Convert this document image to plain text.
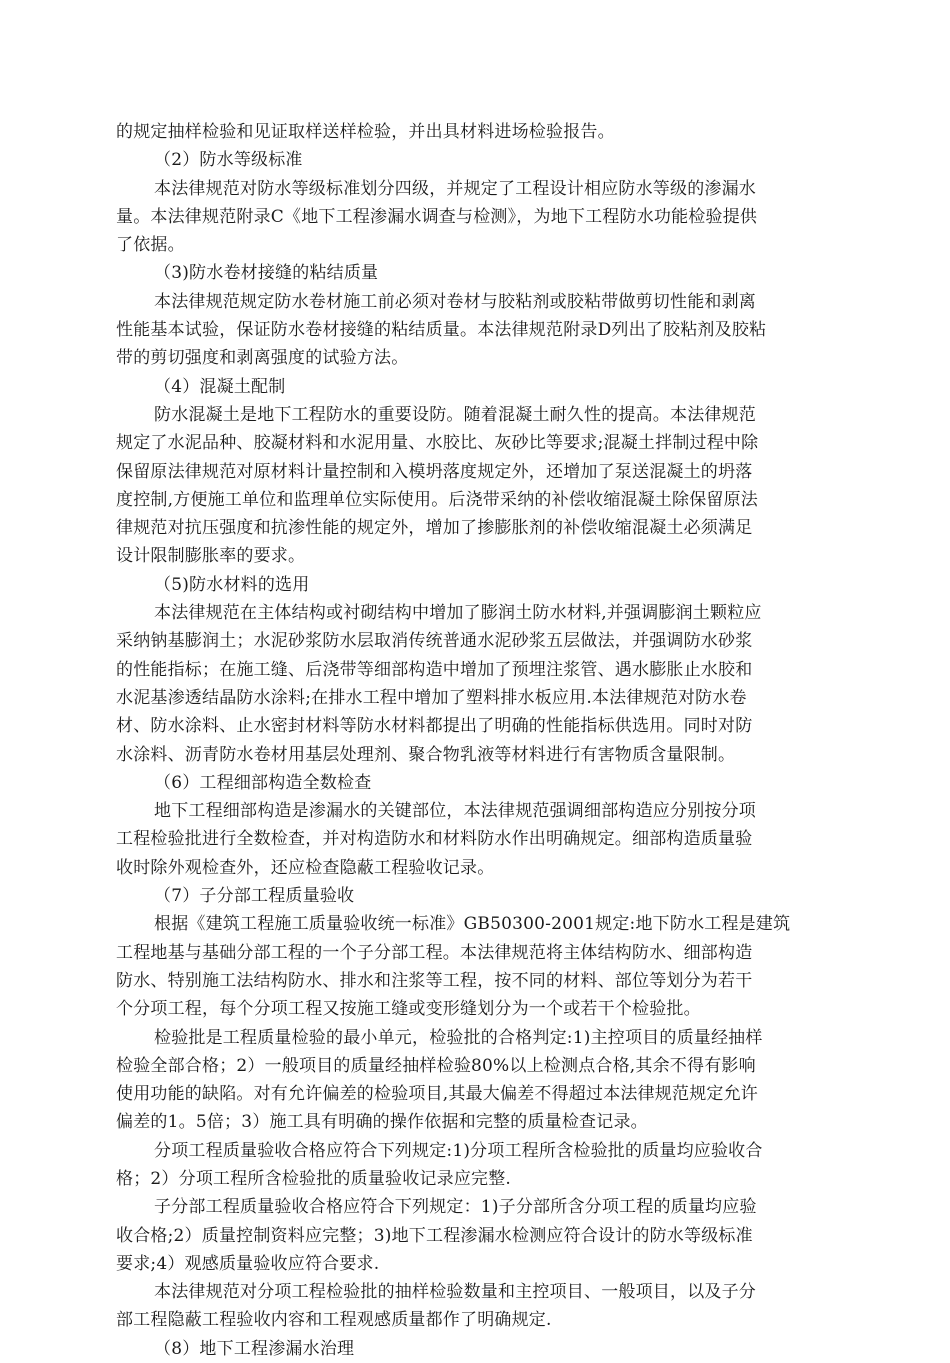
的规定抽样检验和见证取样送样检验，并出具材料进场检验报告。
（2）防水等级标准
本法律规范对防水等级标准划分四级，并规定了工程设计相应防水等级的渗漏水
量。本法律规范附录C《地下工程渗漏水调查与检测》，为地下工程防水功能检验提供
了依据。
（3)防水卷材接缝的粘结质量
本法律规范规定防水卷材施工前必须对卷材与胶粘剂或胶粘带做剪切性能和剥离
性能基本试验，保证防水卷材接缝的粘结质量。本法律规范附录D列出了胶粘剂及胶粘
带的剪切强度和剥离强度的试验方法。
（4）混凝土配制
防水混凝土是地下工程防水的重要设防。随着混凝土耐久性的提高。本法律规范
规定了水泥品种、胶凝材料和水泥用量、水胶比、灰砂比等要求;混凝土拌制过程中除
保留原法律规范对原材料计量控制和入模坍落度规定外，还增加了泵送混凝土的坍落
度控制,方便施工单位和监理单位实际使用。后浇带采纳的补偿收缩混凝土除保留原法
律规范对抗压强度和抗渗性能的规定外，增加了掺膨胀剂的补偿收缩混凝土必须满足
设计限制膨胀率的要求。
（5)防水材料的选用
本法律规范在主体结构或衬砌结构中增加了膨润土防水材料,并强调膨润土颗粒应
采纳钠基膨润土；水泥砂浆防水层取消传统普通水泥砂浆五层做法，并强调防水砂浆
的性能指标；在施工缝、后浇带等细部构造中增加了预埋注浆管、遇水膨胀止水胶和
水泥基渗透结晶防水涂料;在排水工程中增加了塑料排水板应用.本法律规范对防水卷
材、防水涂料、止水密封材料等防水材料都提出了明确的性能指标供选用。同时对防
水涂料、沥青防水卷材用基层处理剂、聚合物乳液等材料进行有害物质含量限制。
（6）工程细部构造全数检查
地下工程细部构造是渗漏水的关键部位，本法律规范强调细部构造应分别按分项
工程检验批进行全数检查，并对构造防水和材料防水作出明确规定。细部构造质量验
收时除外观检查外，还应检查隐蔽工程验收记录。
（7）子分部工程质量验收
根据《建筑工程施工质量验收统一标准》GB50300-2001规定:地下防水工程是建筑
工程地基与基础分部工程的一个子分部工程。本法律规范将主体结构防水、细部构造
防水、特别施工法结构防水、排水和注浆等工程，按不同的材料、部位等划分为若干
个分项工程，每个分项工程又按施工缝或变形缝划分为一个或若干个检验批。
检验批是工程质量检验的最小单元，检验批的合格判定:1)主控项目的质量经抽样
检验全部合格；2）一般项目的质量经抽样检验80%以上检测点合格,其余不得有影响
使用功能的缺陷。对有允许偏差的检验项目,其最大偏差不得超过本法律规范规定允许
偏差的1。5倍；3）施工具有明确的操作依据和完整的质量检查记录。
分项工程质量验收合格应符合下列规定:1)分项工程所含检验批的质量均应验收合
格；2）分项工程所含检验批的质量验收记录应完整.
子分部工程质量验收合格应符合下列规定：1)子分部所含分项工程的质量均应验
收合格;2）质量控制资料应完整；3)地下工程渗漏水检测应符合设计的防水等级标准
要求;4）观感质量验收应符合要求.
本法律规范对分项工程检验批的抽样检验数量和主控项目、一般项目，以及子分
部工程隐蔽工程验收内容和工程观感质量都作了明确规定.
（8）地下工程渗漏水治理
